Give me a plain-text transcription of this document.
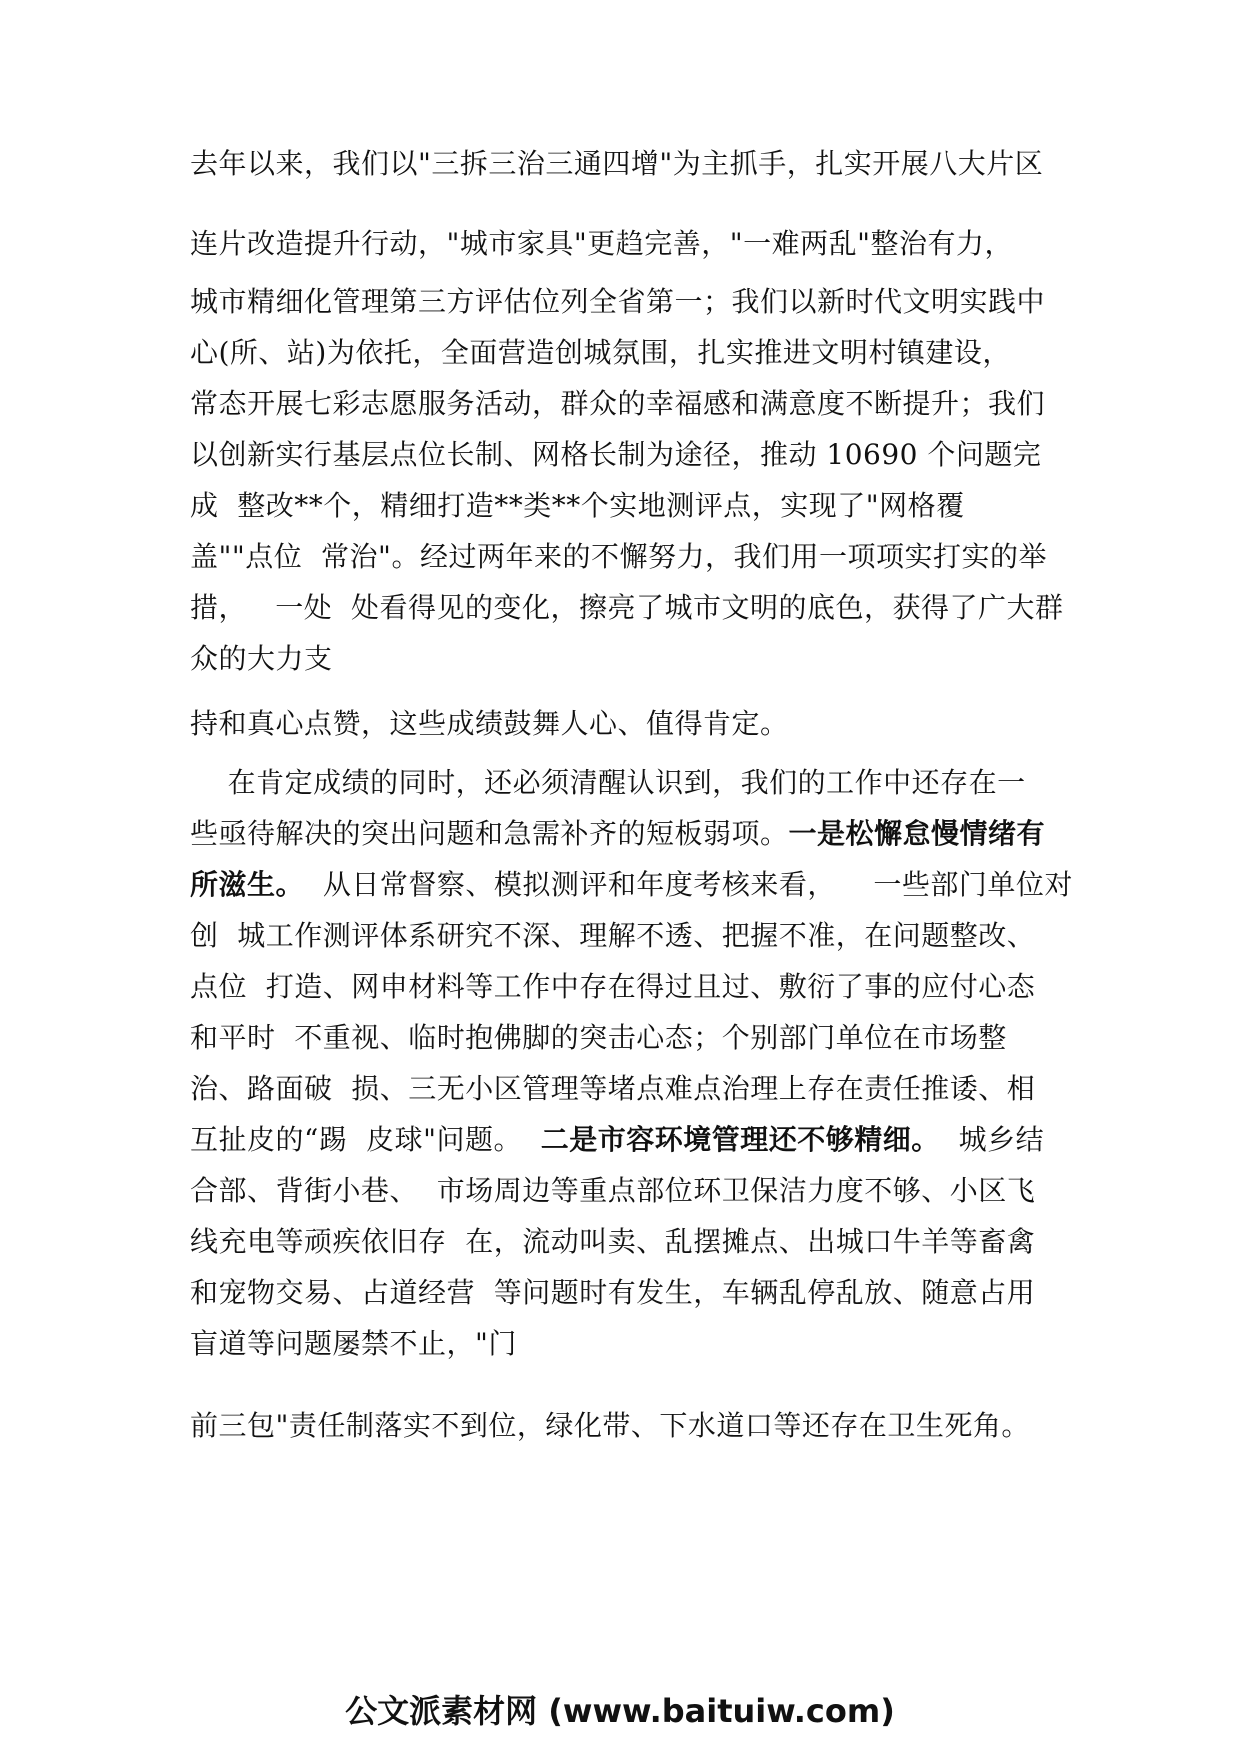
去年以来，我们以"三拆三治三通四增"为主抓手，扎实开展八大片区
连片改造提升行动，"城市家具"更趋完善，"一难两乱"整治有力，
城市精细化管理第三方评估位列全省第一；我们以新时代文明实践中
心(所、站)为依托，全面营造创城氛围，扎实推进文明村镇建设，
常态开展七彩志愿服务活动，群众的幸福感和满意度不断提升；我们
以创新实行基层点位长制、网格长制为途径，推动 10690 个问题完
成  整改**个，精细打造**类**个实地测评点，实现了"网格覆
盖""点位  常治"。经过两年来的不懈努力，我们用一项项实打实的举
措，   一处  处看得见的变化，擦亮了城市文明的底色，获得了广大群
众的大力支
持和真心点赞，这些成绩鼓舞人心、值得肯定。
在肯定成绩的同时，还必须清醒认识到，我们的工作中还存在一
些亟待解决的突出问题和急需补齐的短板弱项。一是松懈怠慢情绪有
所滋生。  从日常督察、模拟测评和年度考核来看，    一些部门单位对
创  城工作测评体系研究不深、理解不透、把握不准，在问题整改、
点位  打造、网申材料等工作中存在得过且过、敷衍了事的应付心态
和平时  不重视、临时抱佛脚的突击心态；个别部门单位在市场整
治、路面破  损、三无小区管理等堵点难点治理上存在责任推诿、相
互扯皮的“踢  皮球"问题。  二是市容环境管理还不够精细。  城乡结
合部、背街小巷、  市场周边等重点部位环卫保洁力度不够、小区飞
线充电等顽疾依旧存  在，流动叫卖、乱摆摊点、出城口牛羊等畜禽
和宠物交易、占道经营  等问题时有发生，车辆乱停乱放、随意占用
盲道等问题屡禁不止，"门
前三包"责任制落实不到位，绿化带、下水道口等还存在卫生死角。
公文派素材网 (www.baituiw.com)
